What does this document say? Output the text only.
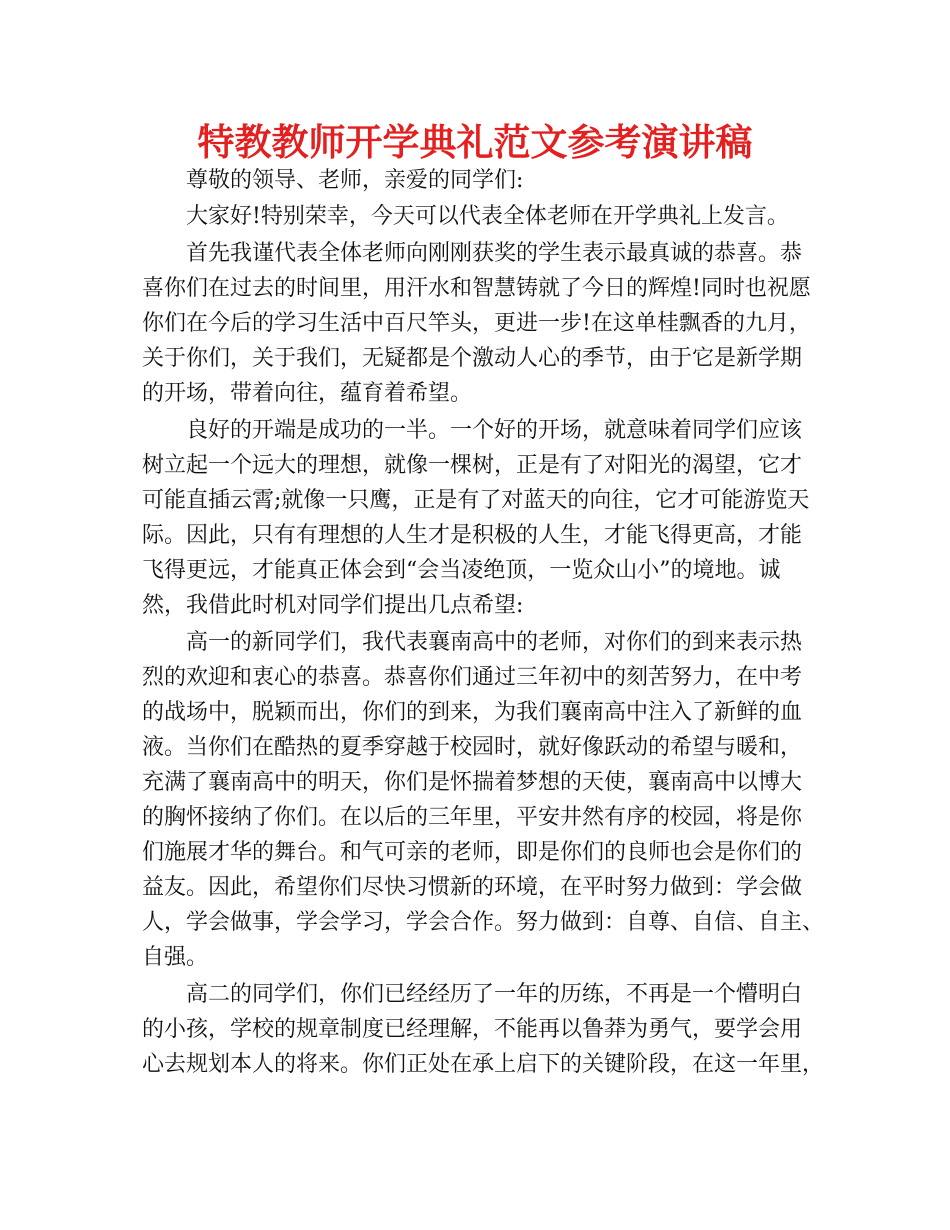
特教教师开学典礼范文参考演讲稿

尊敬的领导、老师，亲爱的同学们:

大家好!特别荣幸，今天可以代表全体老师在开学典礼上发言。

首先我谨代表全体老师向刚刚获奖的学生表示最真诚的恭喜。恭

喜你们在过去的时间里，用汗水和智慧铸就了今日的辉煌!同时也祝愿

你们在今后的学习生活中百尺竿头，更进一步!在这单桂飘香的九月，

关于你们，关于我们，无疑都是个激动人心的季节，由于它是新学期

的开场，带着向往，蕴育着希望。

良好的开端是成功的一半。一个好的开场，就意味着同学们应该

树立起一个远大的理想，就像一棵树，正是有了对阳光的渴望，它才

可能直插云霄;就像一只鹰，正是有了对蓝天的向往，它才可能游览天

际。因此，只有有理想的人生才是积极的人生，才能飞得更高，才能

飞得更远，才能真正体会到“会当凌绝顶，一览众山小”的境地。诚

然，我借此时机对同学们提出几点希望:

高一的新同学们，我代表襄南高中的老师，对你们的到来表示热

烈的欢迎和衷心的恭喜。恭喜你们通过三年初中的刻苦努力，在中考

的战场中，脱颖而出，你们的到来，为我们襄南高中注入了新鲜的血

液。当你们在酷热的夏季穿越于校园时，就好像跃动的希望与暖和，

充满了襄南高中的明天，你们是怀揣着梦想的天使，襄南高中以博大

的胸怀接纳了你们。在以后的三年里，平安井然有序的校园，将是你

们施展才华的舞台。和气可亲的老师，即是你们的良师也会是你们的

益友。因此，希望你们尽快习惯新的环境，在平时努力做到：学会做

人，学会做事，学会学习，学会合作。努力做到：自尊、自信、自主、

自强。

高二的同学们，你们已经经历了一年的历练，不再是一个懵明白

的小孩，学校的规章制度已经理解，不能再以鲁莽为勇气，要学会用

心去规划本人的将来。你们正处在承上启下的关键阶段，在这一年里，
